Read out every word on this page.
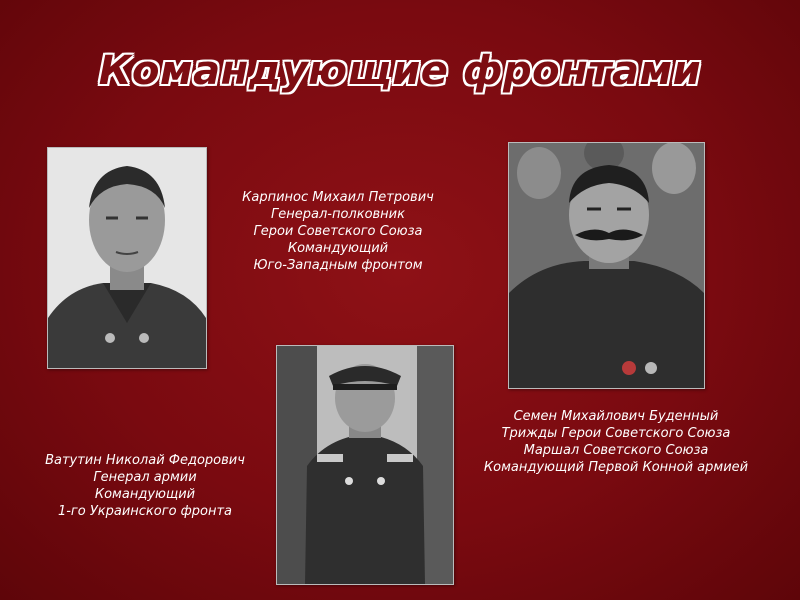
Командующие фронтами
Карпинос Михаил Петрович
Генерал-полковник
Герои Советского Союза
Командующий
Юго-Западным фронтом
Семен Михайлович Буденный
Трижды Герои Советского Союза
Маршал Советского Союза
Командующий Первой Конной армией
Ватутин Николай Федорович
Генерал армии
Командующий
1-го Украинского фронта
